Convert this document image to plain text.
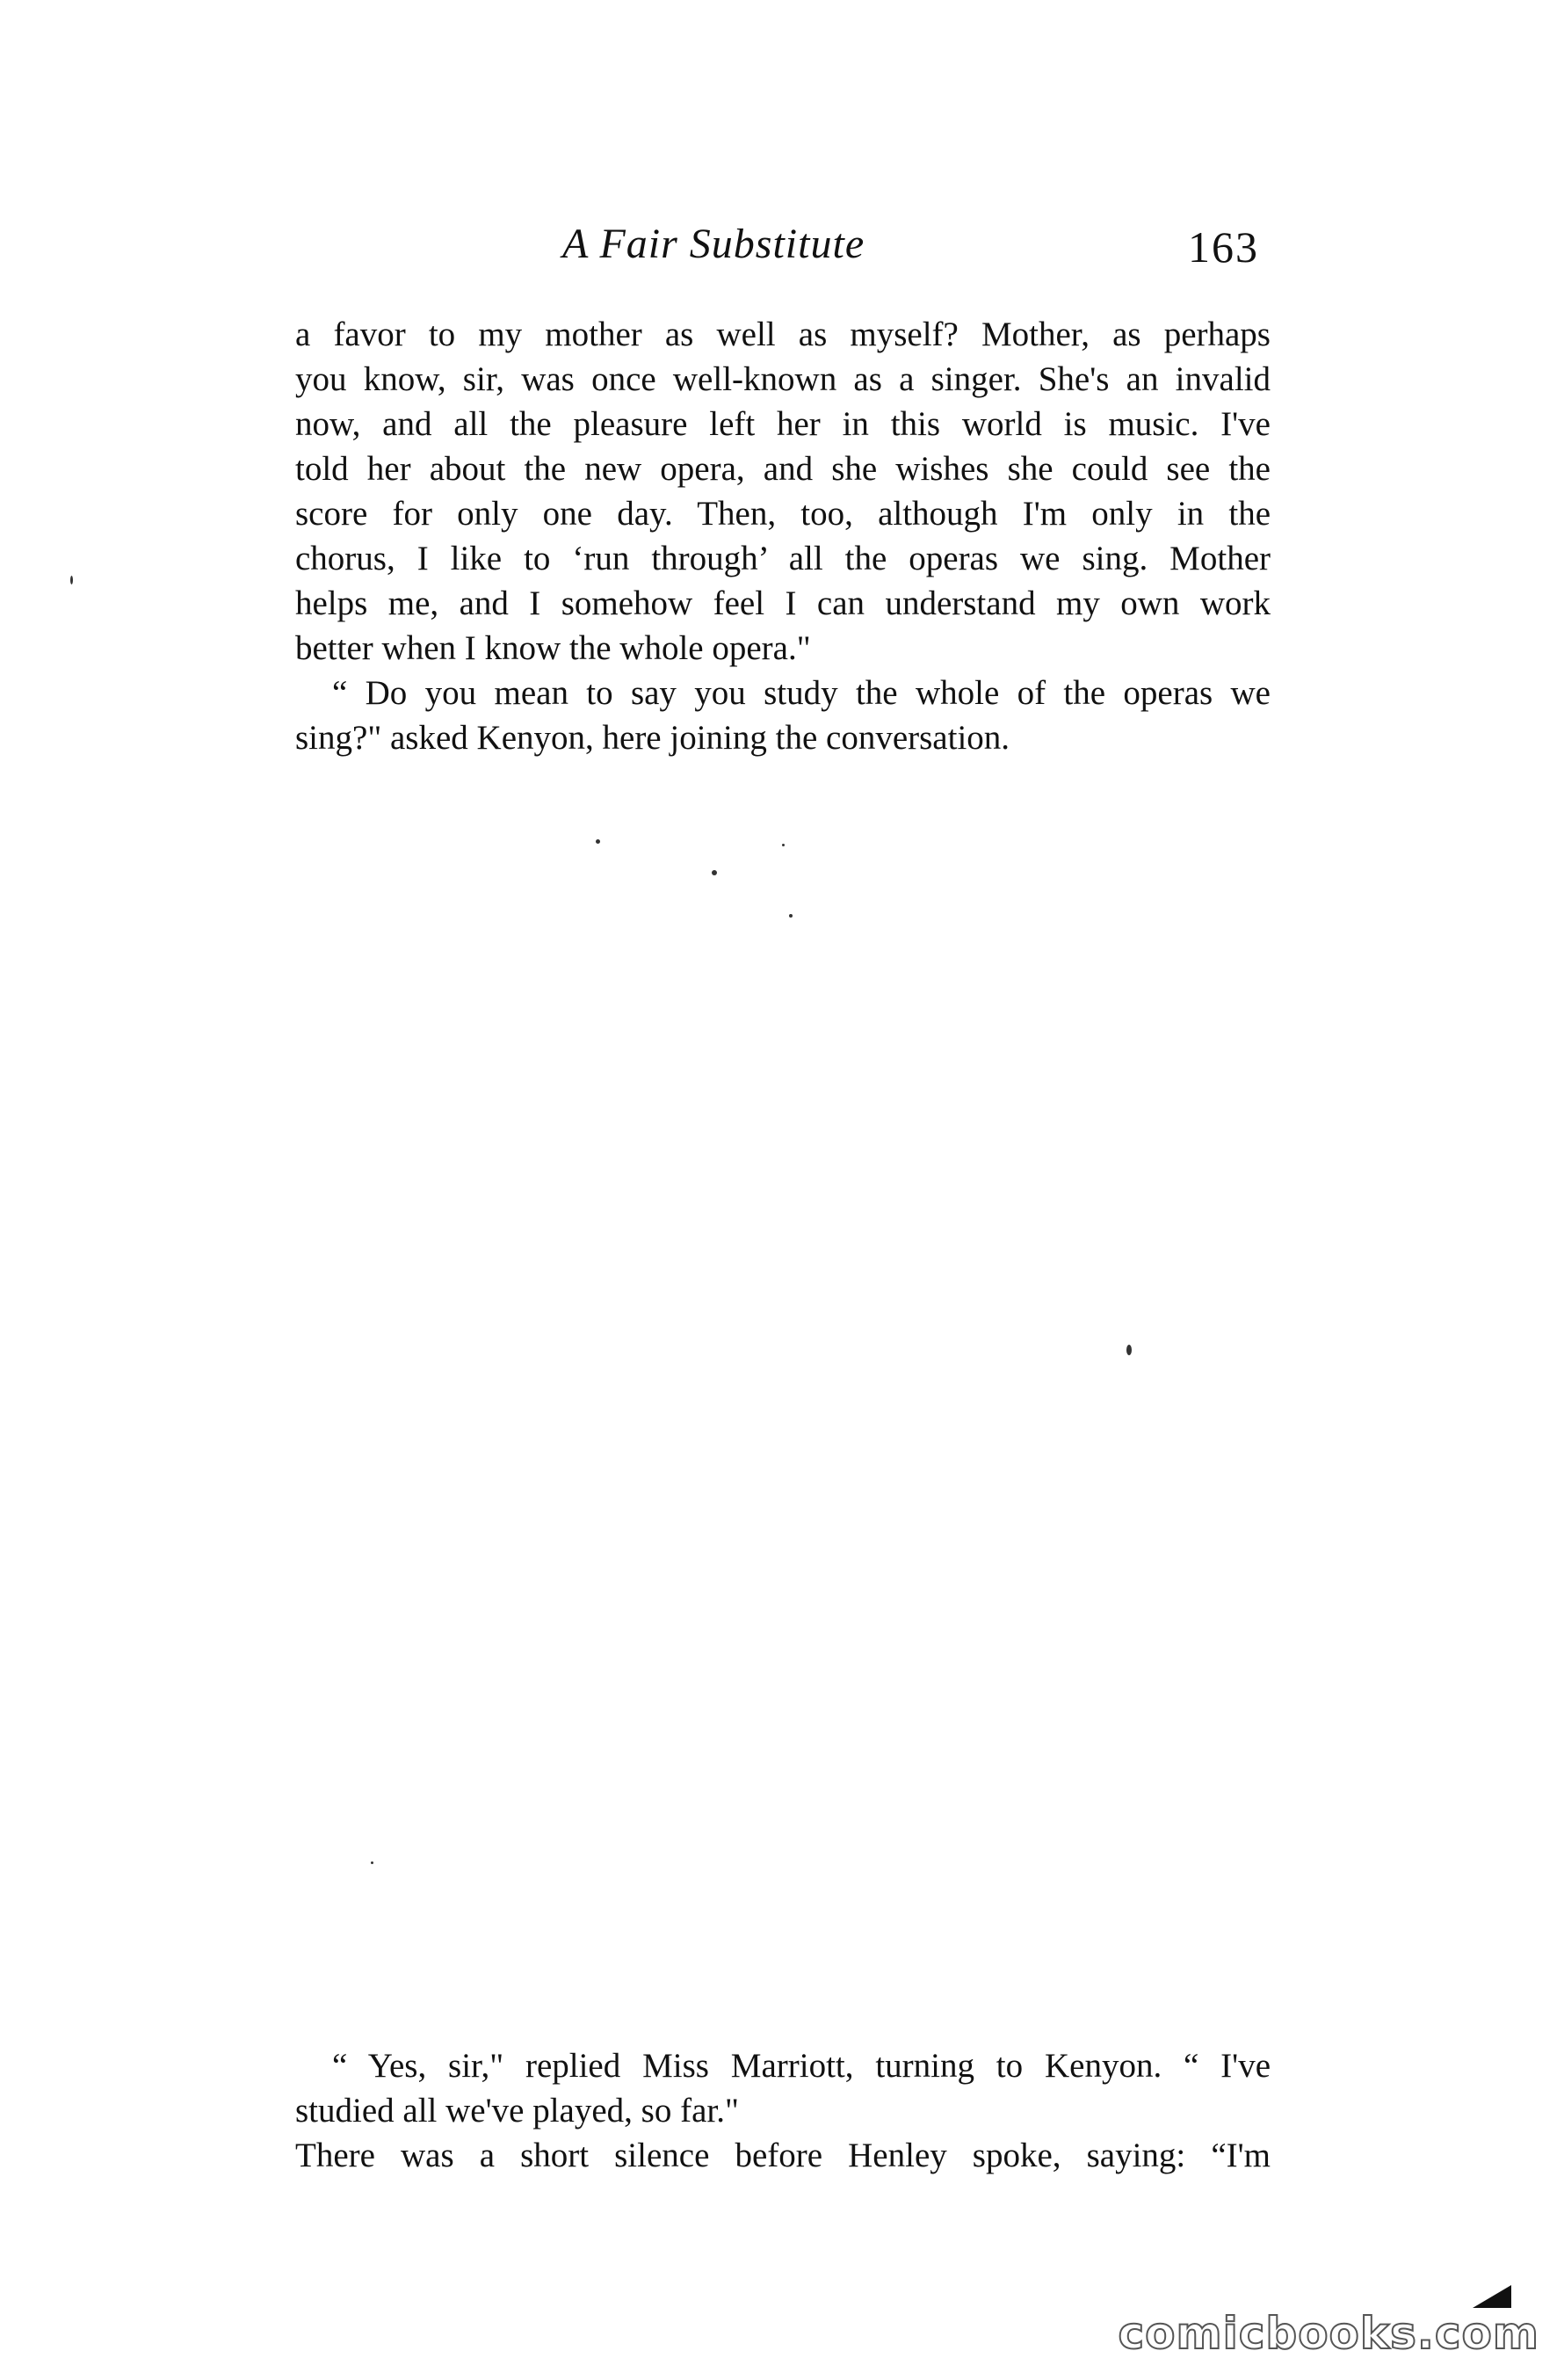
A Fair Substitute	163
a favor to my mother as well as myself? Mother, as perhaps
you know, sir, was once well-known as a singer. She's an invalid
now, and all the pleasure left her in this world is music. I've
told her about the new opera, and she wishes she could see the
score for only one day. Then, too, although I'm only in the
chorus, I like to ‘run through’ all the operas we sing. Mother
helps me, and I somehow feel I can understand my own work
better when I know the whole opera."
“ Do you mean to say you study the whole of the operas we
sing?" asked Kenyon, here joining the conversation.
“ Yes, sir," replied Miss Marriott, turning to Kenyon. “ I've
studied all we've played, so far."
There was a short silence before Henley spoke, saying: “I'm
comicbooks.com
